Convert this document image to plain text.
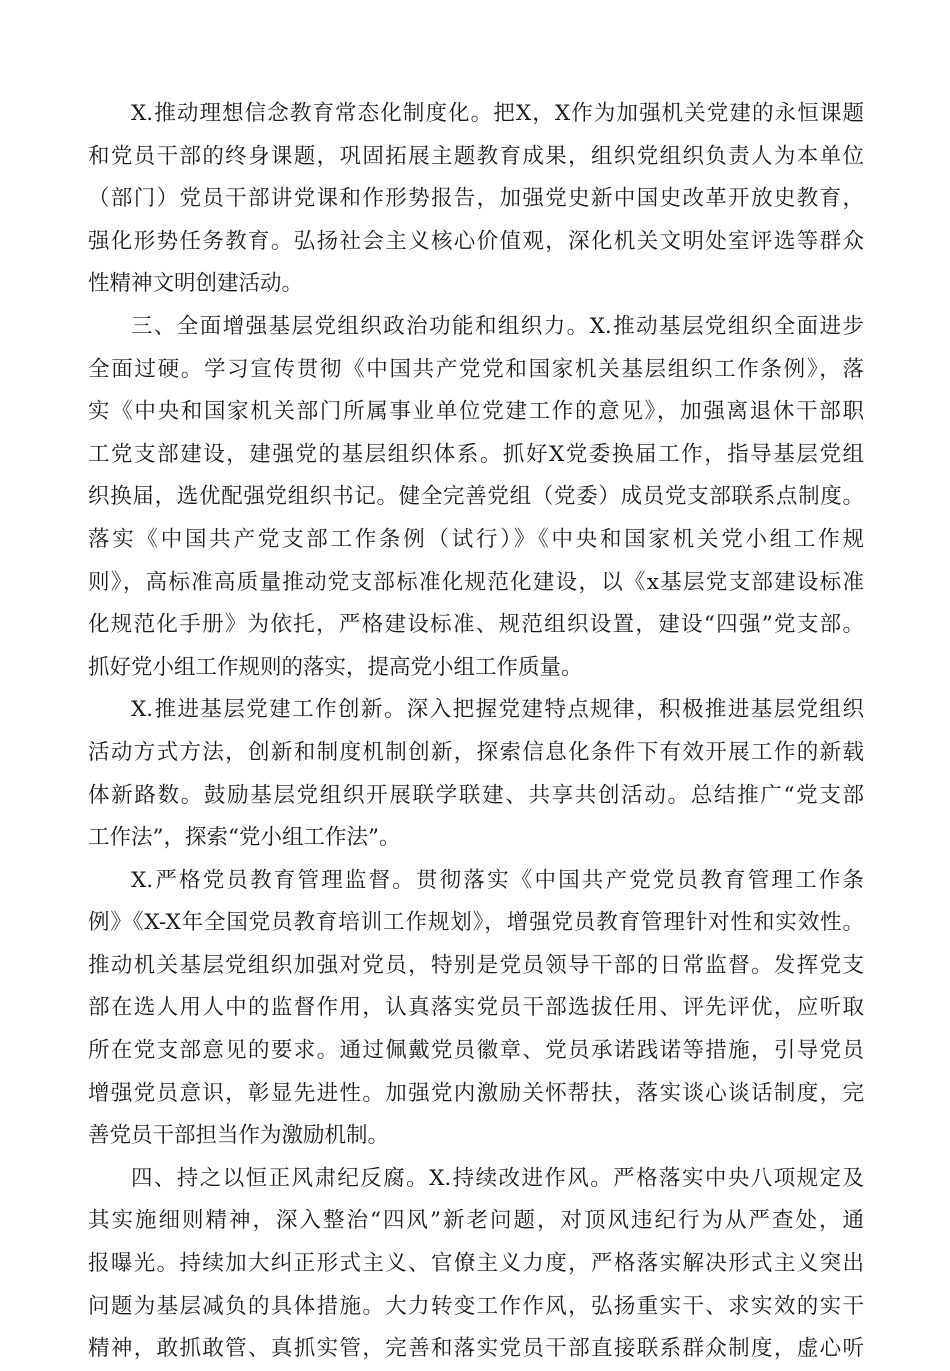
X.推动理想信念教育常态化制度化。把X，X作为加强机关党建的永恒课题
和党员干部的终身课题，巩固拓展主题教育成果，组织党组织负责人为本单位
（部门）党员干部讲党课和作形势报告，加强党史新中国史改革开放史教育，
强化形势任务教育。弘扬社会主义核心价值观，深化机关文明处室评选等群众
性精神文明创建活动。
三、全面增强基层党组织政治功能和组织力。X.推动基层党组织全面进步
全面过硬。学习宣传贯彻《中国共产党党和国家机关基层组织工作条例》，落
实《中央和国家机关部门所属事业单位党建工作的意见》，加强离退休干部职
工党支部建设，建强党的基层组织体系。抓好X党委换届工作，指导基层党组
织换届，选优配强党组织书记。健全完善党组（党委）成员党支部联系点制度。
落实《中国共产党支部工作条例（试行）》《中央和国家机关党小组工作规
则》，高标准高质量推动党支部标准化规范化建设，以《x基层党支部建设标准
化规范化手册》为依托，严格建设标准、规范组织设置，建设“四强”党支部。
抓好党小组工作规则的落实，提高党小组工作质量。
X.推进基层党建工作创新。深入把握党建特点规律，积极推进基层党组织
活动方式方法，创新和制度机制创新，探索信息化条件下有效开展工作的新载
体新路数。鼓励基层党组织开展联学联建、共享共创活动。总结推广“党支部
工作法”，探索“党小组工作法”。
X.严格党员教育管理监督。贯彻落实《中国共产党党员教育管理工作条
例》《X-X年全国党员教育培训工作规划》，增强党员教育管理针对性和实效性。
推动机关基层党组织加强对党员，特别是党员领导干部的日常监督。发挥党支
部在选人用人中的监督作用，认真落实党员干部选拔任用、评先评优，应听取
所在党支部意见的要求。通过佩戴党员徽章、党员承诺践诺等措施，引导党员
增强党员意识，彰显先进性。加强党内激励关怀帮扶，落实谈心谈话制度，完
善党员干部担当作为激励机制。
四、持之以恒正风肃纪反腐。X.持续改进作风。严格落实中央八项规定及
其实施细则精神，深入整治“四风”新老问题，对顶风违纪行为从严查处，通
报曝光。持续加大纠正形式主义、官僚主义力度，严格落实解决形式主义突出
问题为基层减负的具体措施。大力转变工作作风，弘扬重实干、求实效的实干
精神，敢抓敢管、真抓实管，完善和落实党员干部直接联系群众制度，虚心听
